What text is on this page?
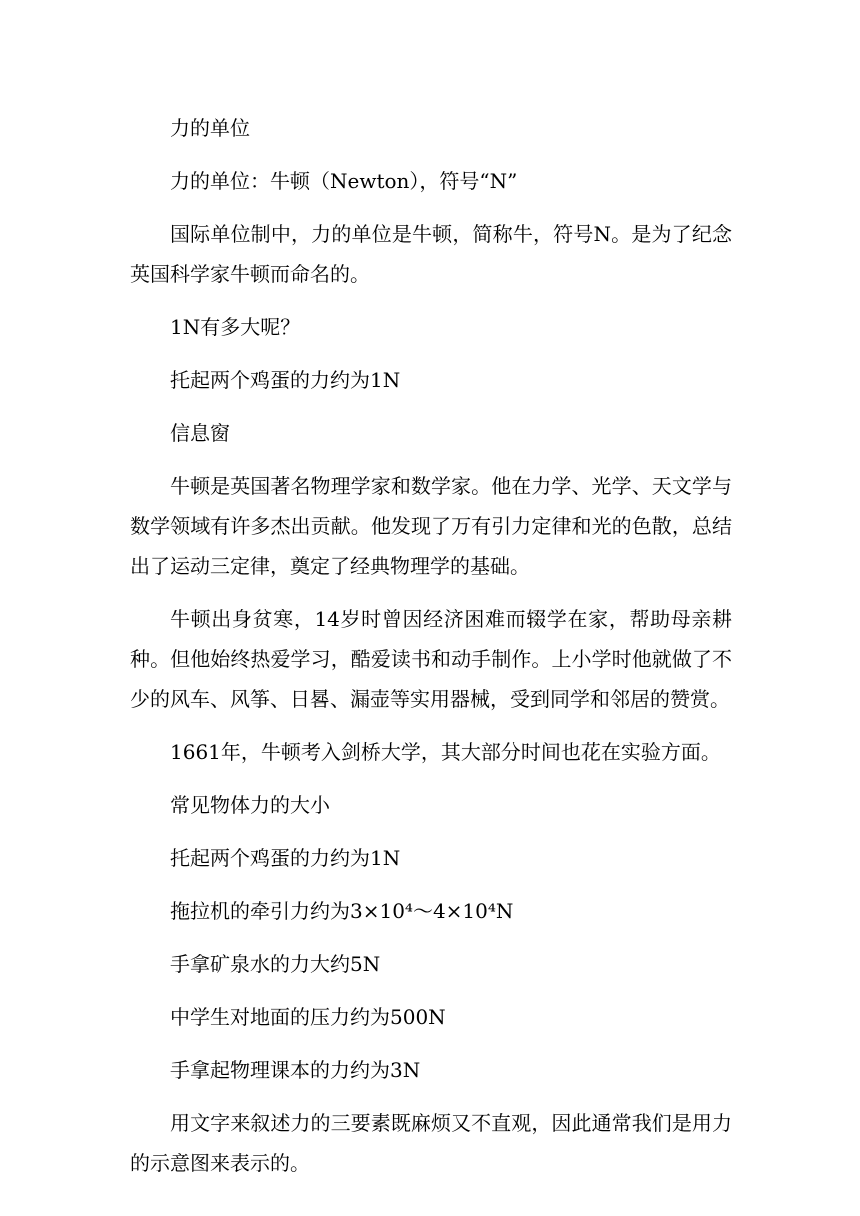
力的单位

力的单位：牛顿（Newton），符号“N”

国际单位制中，力的单位是牛顿，简称牛，符号N。是为了纪念英国科学家牛顿而命名的。

1N有多大呢？

托起两个鸡蛋的力约为1N

信息窗

牛顿是英国著名物理学家和数学家。他在力学、光学、天文学与数学领域有许多杰出贡献。他发现了万有引力定律和光的色散，总结出了运动三定律，奠定了经典物理学的基础。

牛顿出身贫寒，14岁时曾因经济困难而辍学在家，帮助母亲耕种。但他始终热爱学习，酷爱读书和动手制作。上小学时他就做了不少的风车、风筝、日晷、漏壶等实用器械，受到同学和邻居的赞赏。

1661年，牛顿考入剑桥大学，其大部分时间也花在实验方面。

常见物体力的大小

托起两个鸡蛋的力约为1N

拖拉机的牵引力约为3×10⁴～4×10⁴N

手拿矿泉水的力大约5N

中学生对地面的压力约为500N

手拿起物理课本的力约为3N

用文字来叙述力的三要素既麻烦又不直观，因此通常我们是用力的示意图来表示的。
